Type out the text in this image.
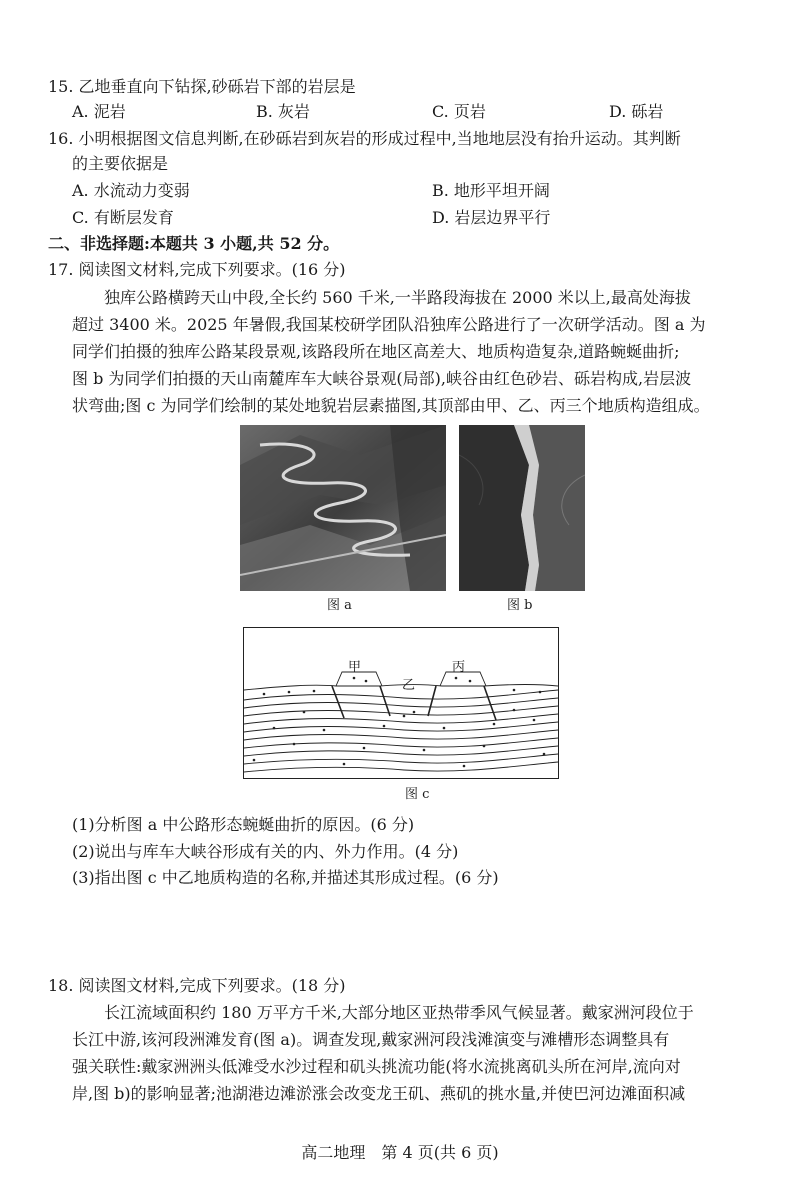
15. 乙地垂直向下钻探,砂砾岩下部的岩层是
A. 泥岩	B. 灰岩	C. 页岩	D. 砾岩
16. 小明根据图文信息判断,在砂砾岩到灰岩的形成过程中,当地地层没有抬升运动。其判断
的主要依据是
A. 水流动力变弱	B. 地形平坦开阔
C. 有断层发育	D. 岩层边界平行
二、非选择题:本题共 3 小题,共 52 分。
17. 阅读图文材料,完成下列要求。(16 分)
独库公路横跨天山中段,全长约 560 千米,一半路段海拔在 2000 米以上,最高处海拔
超过 3400 米。2025 年暑假,我国某校研学团队沿独库公路进行了一次研学活动。图 a 为
同学们拍摄的独库公路某段景观,该路段所在地区高差大、地质构造复杂,道路蜿蜒曲折;
图 b 为同学们拍摄的天山南麓库车大峡谷景观(局部),峡谷由红色砂岩、砾岩构成,岩层波
状弯曲;图 c 为同学们绘制的某处地貌岩层素描图,其顶部由甲、乙、丙三个地质构造组成。
图 a	图 b
甲
乙
丙
图 c
(1)分析图 a 中公路形态蜿蜒曲折的原因。(6 分)
(2)说出与库车大峡谷形成有关的内、外力作用。(4 分)
(3)指出图 c 中乙地质构造的名称,并描述其形成过程。(6 分)
18. 阅读图文材料,完成下列要求。(18 分)
长江流域面积约 180 万平方千米,大部分地区亚热带季风气候显著。戴家洲河段位于
长江中游,该河段洲滩发育(图 a)。调查发现,戴家洲河段浅滩演变与滩槽形态调整具有
强关联性:戴家洲洲头低滩受水沙过程和矶头挑流功能(将水流挑离矶头所在河岸,流向对
岸,图 b)的影响显著;池湖港边滩淤涨会改变龙王矶、燕矶的挑水量,并使巴河边滩面积减
高二地理　第 4 页(共 6 页)
